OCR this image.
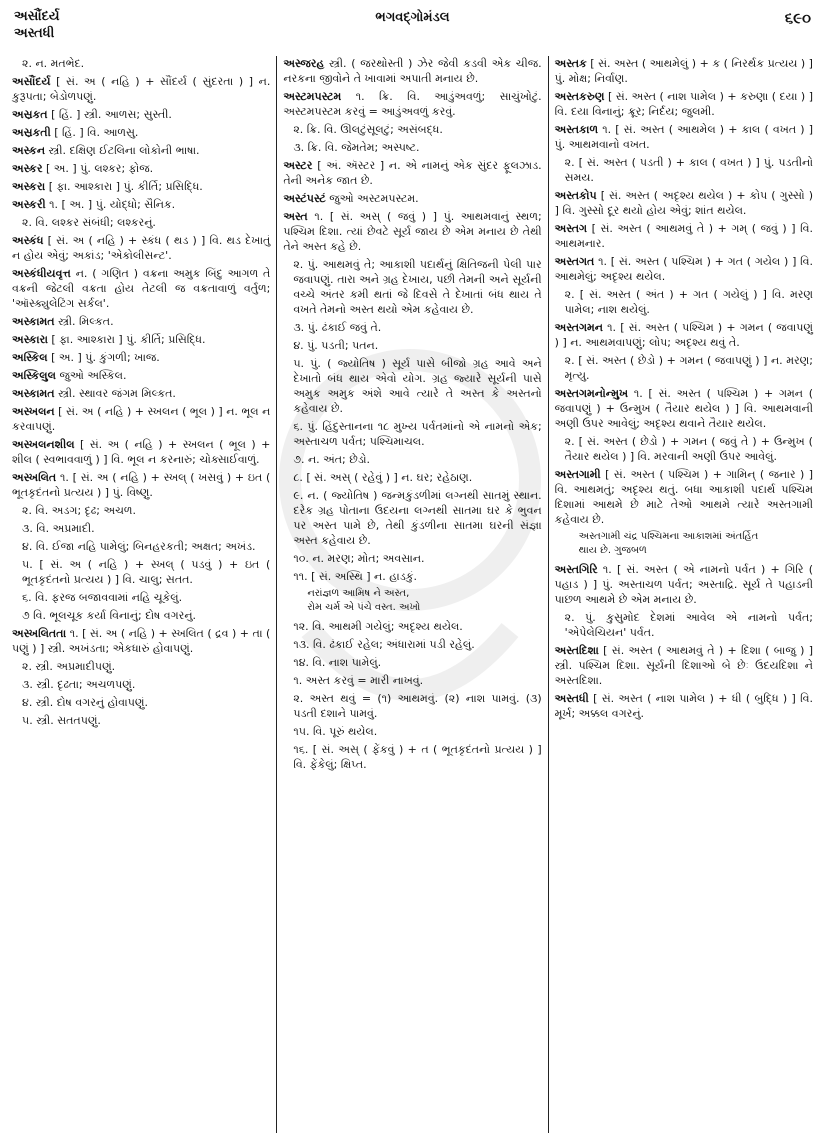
અસૌંદર્ય
અસ્તધી
ભગવદ્ગોમંડલ	૬૯૦

૨. ન. મતભેદ.

અસૌંદર્ય [ સં. અ ( નહિ ) + સૌંદર્ય ( સુંદરતા ) ] ન. કુરૂપતા; બેડોળપણું.

અસ્રકત [ હિં. ] સ્ત્રી. આળસ; સુસ્તી.

અસ્રકતી [ હિં. ] વિ. આળસુ.

અસ્કન સ્ત્રી. દક્ષિણ ઈટલિના લોકોની ભાષા.

અસ્કર [ અ. ] પું. લશ્કર; ફોજ.

અસ્કરા [ ફા. આશ્કારા ] પું. કીર્તિ; પ્રસિદ્ધિ.

અસ્કરી ૧. [ અ. ] પું. યોદ્ધો; સૈનિક.

૨. વિ. લશ્કર સંબંધી; લશ્કરનું.

અસ્કંધ [ સં. અ ( નહિ ) + સ્કંધ ( થડ ) ] વિ. થડ દેખાતું ન હોય એવું; અકાંડ; 'એકોલીસન્ટ'.

અસ્કંધીયવૃત્ત ન. ( ગણિત ) વક્રના અમુક બિંદુ આગળ તે વક્રની જેટલી વક્રતા હોય તેટલી જ વક્રતાવાળું વર્તુળ; 'ઑસ્ક્યુલેટિંગ સર્કલ'.

અસ્કામત સ્ત્રી. મિલ્કત.

અસ્કારા [ ફા. આશ્કારા ] પું. કીર્તિ; પ્રસિદ્ધિ.

અસ્કિલ [ અ. ] પું. કુંગળી; ખાજ.

અસ્કિલુલ જુઓ અસ્કિલ.

અસ્કામત સ્ત્રી. સ્થાવર જંગમ મિલ્કત.

અસ્ખલન [ સં. અ ( નહિ ) + સ્ખલન ( ભૂલ ) ] ન. ભૂલ ન કરવાપણું.

અસ્ખલનશીલ [ સં. અ ( નહિ ) + સ્ખલન ( ભૂલ ) + શીલ ( સ્વભાવવાળું ) ] વિ. ભૂલ ન કરનારું; ચોક્સાઈવાળું.

અસ્ખલિત ૧. [ સં. અ ( નહિ ) + સ્ખલ્ ( ખસવું ) + ઇત ( ભૂતકૃદંતનો પ્રત્યય ) ] પું. વિષ્ણુ.

૨. વિ. અડગ; દૃઢ; અચળ.

૩. વિ. અપ્રમાદી.

૪. વિ. ઈજા નહિ પામેલું; બિનહરકતી; અક્ષત; અખંડ.

૫. [ સં. અ ( નહિ ) + સ્ખલ્ ( પડવું ) + ઇત ( ભૂતકૃદંતનો પ્રત્યય ) ] વિ. ચાલુ; સતત.

૬. વિ. ફરજ બજાવવામાં નહિ ચૂકેલું.

૭ વિ. ભૂલચૂક કર્યા વિનાનું; દોષ વગરનું.

અસ્ખલિતતા ૧. [ સં. અ ( નહિ ) + સ્ખલિત ( દ્રવ ) + તા ( પણું ) ] સ્ત્રી. અખંડતા; એકધારું હોવાપણું.

૨. સ્ત્રી. અપ્રમાદીપણું.

૩. સ્ત્રી. દૃઢતા; અચળપણું.

૪. સ્ત્રી. દોષ વગરનું હોવાપણું.

૫. સ્ત્રી. સતતપણું.

અસ્જરહ સ્ત્રી. ( જરથોસ્તી ) ઝેર જેવી કડવી એક ચીજ. નરકના જીવોને તે ખાવામાં અપાતી મનાય છે.

અસ્ટમપસ્ટમ ૧. ક્રિ. વિ. આડુંઅવળું; સાચુંખોટું. અસ્ટમપસ્ટમ કરવું = આડુંઅવળું કરવું.

૨. ક્રિ. વિ. ઊલટુંસૂલટું; અસંબદ્ધ.

૩. ક્રિ. વિ. જેમતેમ; અસ્પષ્ટ.

અસ્ટર [ અં. ઍસ્ટર ] ન. એ નામનું એક સુંદર ફૂલઝાડ. તેની અનેક જાત છે.

અસ્ટંપસ્ટં જુઓ અસ્ટમપસ્ટમ.

અસ્ત ૧. [ સં. અસ્ ( જવું ) ] પું. આથમવાનું સ્થળ; પશ્ચિમ દિશા. ત્યાં છેવટે સૂર્ય જાય છે એમ મનાય છે તેથી તેને અસ્ત કહે છે.

૨. પું. આથમવું તે; આકાશી પદાર્થનું ક્ષિતિજની પેલી પાર જવાપણું. તારા અને ગ્રહ દેખાય, પછી તેમની અને સૂર્યની વચ્ચે અંતર કમી થતાં જે દિવસે તે દેખાતાં બંધ થાય તે વખતે તેમનો અસ્ત થયો એમ કહેવાય છે.

૩. પું. ઢંકાઈ જવું તે.

૪. પું. પડતી; પતન.

૫. પું. ( જ્યોતિષ ) સૂર્ય પાસે બીજો ગ્રહ આવે અને દેખાતો બંધ થાય એવો યોગ. ગ્રહ જ્યારે સૂર્યની પાસે અમુક અમુક અંશે આવે ત્યારે તે અસ્ત કે અસ્તનો કહેવાય છે.

૬. પું. હિંદુસ્તાનના ૧૮ મુખ્ય પર્વતમાંનો એ નામનો એક; અસ્તાચળ પર્વત; પશ્ચિમાચલ.

૭. ન. અંત; છેડો.

૮. [ સં. અસ્ ( રહેવું ) ] ન. ઘર; રહેઠાણ.

૯. ન. ( જ્યોતિષ ) જન્મકુંડળીમાં લગ્નથી સાતમું સ્થાન. દરેક ગ્રહ પોતાના ઉદયના લગ્નથી સાતમા ઘર કે ભુવન પર અસ્ત પામે છે, તેથી કુંડળીના સાતમા ઘરની સંજ્ઞા અસ્ત કહેવાય છે.

૧૦. ન. મરણ; મોત; અવસાન.

૧૧. [ સં. અસ્થિ ] ન. હાડકું.

નરાંજ્ઞળ આમિષ ને અસ્ત,
રોમ ચર્મ એ પંચે વસ્ત. અખો

૧૨. વિ. આથમી ગયેલું; અદૃશ્ય થયેલ.

૧૩. વિ. ઢંકાઈ રહેલ; અંધારામાં પડી રહેલું.

૧૪. વિ. નાશ પામેલું.

૧. અસ્ત કરવું = મારી નાખવું.

૨. અસ્ત થવું = (૧) આથમવું. (૨) નાશ પામવું. (૩) પડતી દશાને પામવું.

૧૫. વિ. પૂરું થયેલ.

૧૬. [ સં. અસ્ ( ફેંકવું ) + ત ( ભૂતકૃદંતનો પ્રત્યય ) ] વિ. ફેંકેલું; ક્ષિપ્ત.

અસ્તક [ સં. અસ્ત ( આથમેલું ) + ક ( નિરર્થક પ્રત્યય ) ] પું. મોક્ષ; નિર્વાણ.

અસ્તકરુણ [ સં. અસ્ત ( નાશ પામેલ ) + કરુણા ( દયા ) ] વિ. દયા વિનાનું; ક્રૂર; નિર્દય; જુલમી.

અસ્તકાળ ૧. [ સં. અસ્ત ( આથમેલ ) + કાલ ( વખત ) ] પું. આથમવાનો વખત.

૨. [ સં. અસ્ત ( પડતી ) + કાલ ( વખત ) ] પું. પડતીનો સમય.

અસ્તકોપ [ સં. અસ્ત ( અદૃશ્ય થયેલ ) + કોપ ( ગુસ્સો ) ] વિ. ગુસ્સો દૂર થયો હોય એવું; શાંત થયેલ.

અસ્તગ [ સં. અસ્ત ( આથમવું તે ) + ગમ્ ( જવું ) ] વિ. આથમનાર.

અસ્તગત ૧. [ સં. અસ્ત ( પશ્ચિમ ) + ગત ( ગયેલ ) ] વિ. આથમેલું; અદૃશ્ય થયેલ.

૨. [ સં. અસ્ત ( અંત ) + ગત ( ગયેલું ) ] વિ. મરણ પામેલ; નાશ થયેલું.

અસ્તગમન ૧. [ સં. અસ્ત ( પશ્ચિમ ) + ગમન ( જવાપણું ) ] ન. આથમવાપણું; લોપ; અદૃશ્ય થવું તે.

૨. [ સં. અસ્ત ( છેડો ) + ગમન ( જવાપણું ) ] ન. મરણ; મૃત્યુ.

અસ્તગમનોન્મુખ ૧. [ સં. અસ્ત ( પશ્ચિમ ) + ગમન ( જવાપણું ) + ઉન્મુખ ( તૈયાર થયેલ ) ] વિ. આથમવાની અણી ઉપર આવેલું; અદૃશ્ય થવાને તૈયાર થયેલ.

૨. [ સં. અસ્ત ( છેડો ) + ગમન ( જવું તે ) + ઉન્મુખ ( તૈયાર થયેલ ) ] વિ. મરવાની અણી ઉપર આવેલું.

અસ્તગામી [ સં. અસ્ત ( પશ્ચિમ ) + ગામિન્ ( જનાર ) ] વિ. આથમતું; અદૃશ્ય થતું. બધા આકાશી પદાર્થ પશ્ચિમ દિશામાં આથમે છે માટે તેઓ આથમે ત્યારે અસ્તગામી કહેવાય છે.

અસ્તગામી ચંદ્ર પશ્ચિમના આકાશમાં અંતર્હિત
થાય છે. ગુજબળ

અસ્તગિરિ ૧. [ સં. અસ્ત ( એ નામનો પર્વત ) + ગિરિ ( પહાડ ) ] પું. અસ્તાચળ પર્વત; અસ્તાદ્રિ. સૂર્ય તે પહાડની પાછળ આથમે છે એમ મનાય છે.

૨. પું. કુસુમોદ દેશમાં આવેલ એ નામનો પર્વત; 'એપેલેચિયન' પર્વત.

અસ્તદિશા [ સં. અસ્ત ( આથમવું તે ) + દિશા ( બાજુ ) ] સ્ત્રી. પશ્ચિમ દિશા. સૂર્યની દિશાઓ બે છેઃ ઉદયદિશા ને અસ્તદિશા.

અસ્તધી [ સં. અસ્ત ( નાશ પામેલ ) + ધી ( બુદ્ધિ ) ] વિ. મૂર્ખ; અક્કલ વગરનું.
